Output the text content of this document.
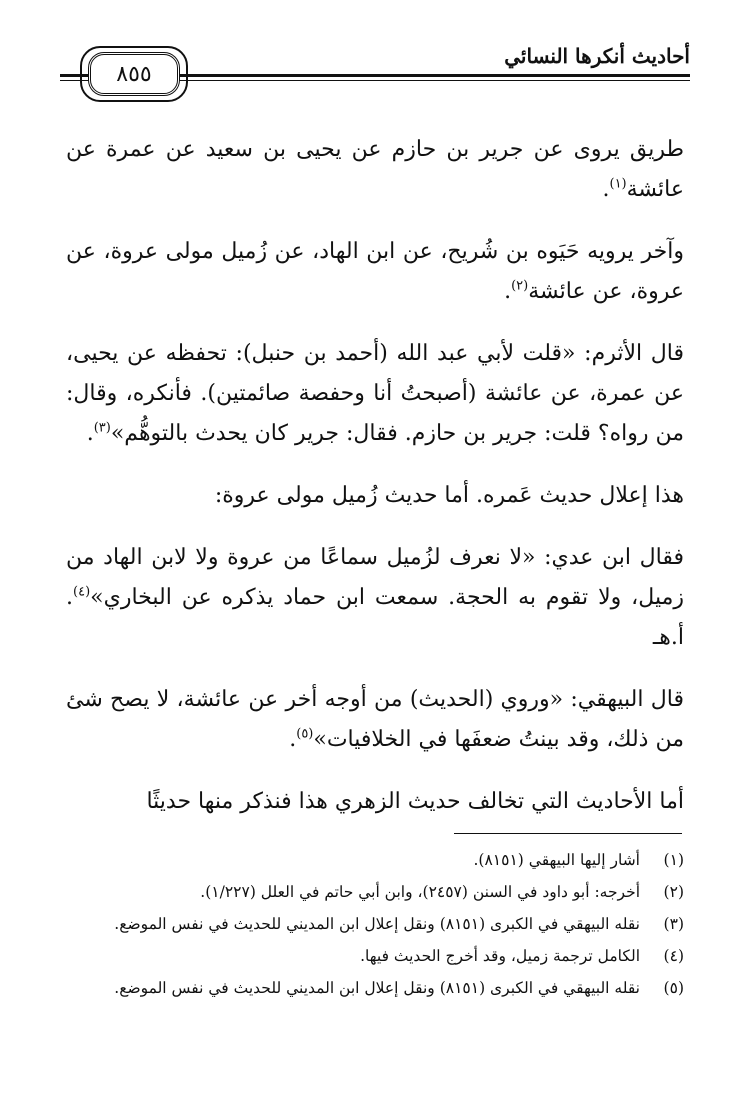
أحاديث أنكرها النسائي
٨٥٥

طريق يروى عن جرير بن حازم عن يحيى بن سعيد عن عمرة عن عائشة$^{(١)}$.

وآخر يرويه حَيَوه بن شُريح، عن ابن الهاد، عن زُميل مولى عروة، عن عروة، عن عائشة$^{(٢)}$.

قال الأثرم: «قلت لأبي عبد الله (أحمد بن حنبل): تحفظه عن يحيى، عن عمرة، عن عائشة (أصبحتُ أنا وحفصة صائمتين). فأنكره، وقال: من رواه؟ قلت: جرير بن حازم. فقال: جرير كان يحدث بالتوهُّم»$^{(٣)}$.

هذا إعلال حديث عَمره. أما حديث زُميل مولى عروة:

فقال ابن عدي: «لا نعرف لزُميل سماعًا من عروة ولا لابن الهاد من زميل، ولا تقوم به الحجة. سمعت ابن حماد يذكره عن البخاري»$^{(٤)}$. أ.هـ

قال البيهقي: «وروي (الحديث) من أوجه أخر عن عائشة، لا يصح شئ من ذلك، وقد بينتُ ضعفَها في الخلافيات»$^{(٥)}$.

أما الأحاديث التي تخالف حديث الزهري هذا فنذكر منها حديثًا

(١)
أشار إليها البيهقي (٨١٥١).
(٢)
أخرجه: أبو داود في السنن (٢٤٥٧)، وابن أبي حاتم في العلل (١/٢٢٧).
(٣)
نقله البيهقي في الكبرى (٨١٥١) ونقل إعلال ابن المديني للحديث في نفس الموضع.
(٤)
الكامل ترجمة زميل، وقد أخرج الحديث فيها.
(٥)
نقله البيهقي في الكبرى (٨١٥١) ونقل إعلال ابن المديني للحديث في نفس الموضع.
